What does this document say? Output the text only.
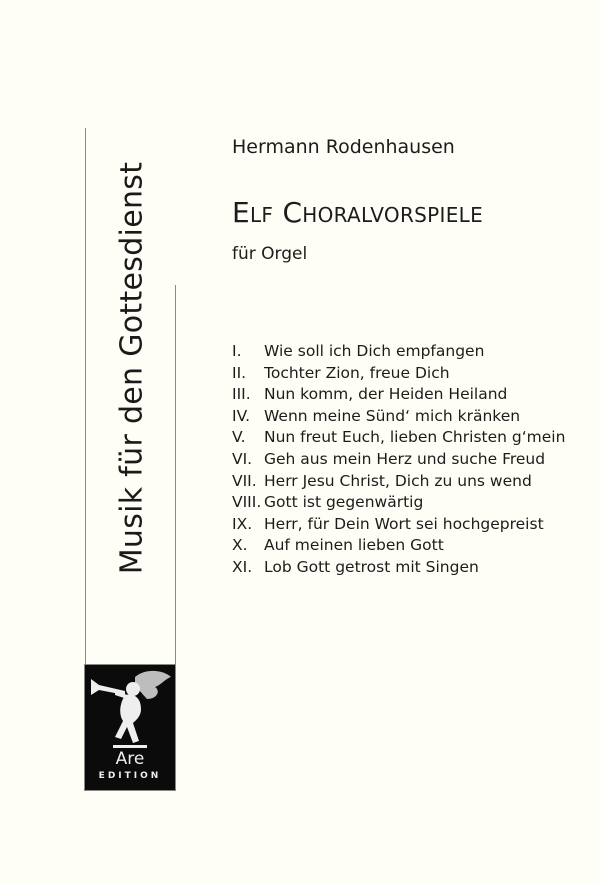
Musik für den Gottesdienst
Are
EDITION
Hermann Rodenhausen
Elf Choralvorspiele
für Orgel
I.	Wie soll ich Dich empfangen
II.	Tochter Zion, freue Dich
III. Nun komm, der Heiden Heiland
IV. Wenn meine Sünd‘ mich kränken
V.	Nun freut Euch, lieben Christen g‘mein
VI. Geh aus mein Herz und suche Freud
VII. Herr Jesu Christ, Dich zu uns wend
VIII. Gott ist gegenwärtig
IX. Herr, für Dein Wort sei hochgepreist
X.	Auf meinen lieben Gott
XI. Lob Gott getrost mit Singen
